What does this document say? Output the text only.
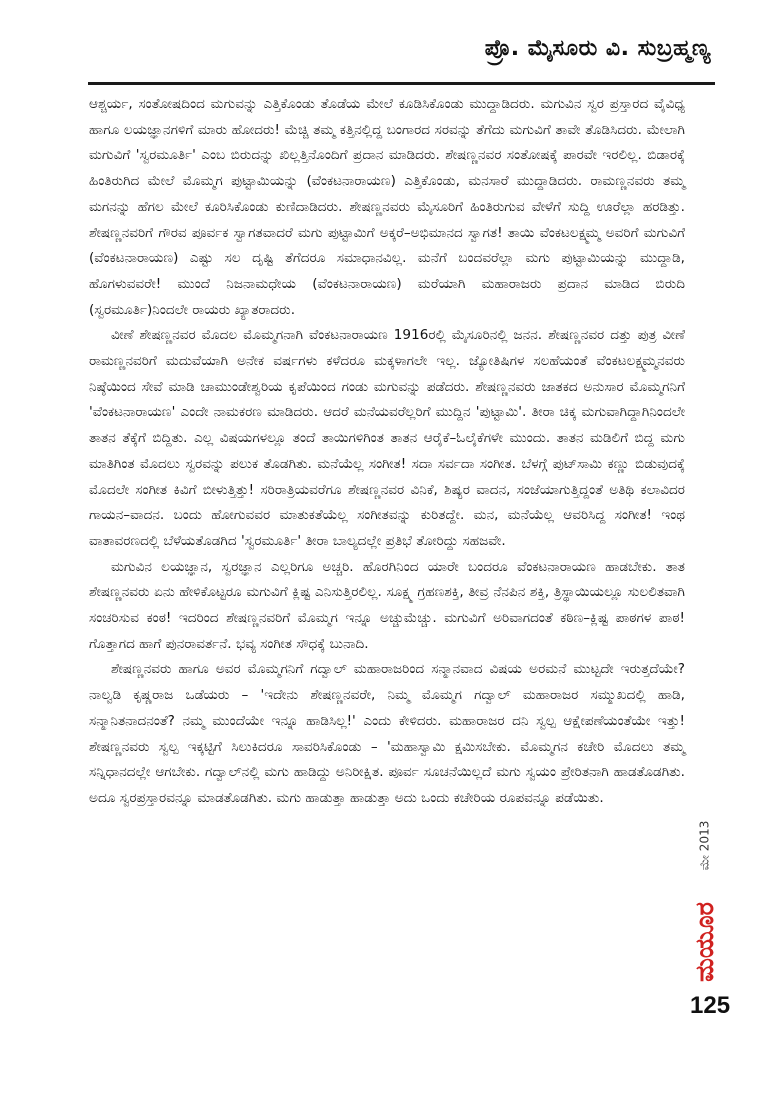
ಪ್ರೊ. ಮೈಸೂರು ವಿ. ಸುಬ್ರಹ್ಮಣ್ಯ

ಆಶ್ಚರ್ಯ, ಸಂತೋಷದಿಂದ ಮಗುವನ್ನು ಎತ್ತಿಕೊಂಡು ತೊಡೆಯ ಮೇಲೆ ಕೂಡಿಸಿಕೊಂಡು ಮುದ್ದಾಡಿದರು. ಮಗುವಿನ ಸ್ವರ ಪ್ರಸ್ತಾರದ ವೈವಿಧ್ಯ ಹಾಗೂ ಲಯಜ್ಞಾನಗಳಿಗೆ ಮಾರು ಹೋದರು! ಮೆಚ್ಚಿ ತಮ್ಮ ಕತ್ತಿನಲ್ಲಿದ್ದ ಬಂಗಾರದ ಸರವನ್ನು ತೆಗೆದು ಮಗುವಿಗೆ ತಾವೇ ತೊಡಿಸಿದರು. ಮೇಲಾಗಿ ಮಗುವಿಗೆ 'ಸ್ವರಮೂರ್ತಿ' ಎಂಬ ಬಿರುದನ್ನು ಖಿಲ್ಲತ್ತಿನೊಂದಿಗೆ ಪ್ರದಾನ ಮಾಡಿದರು. ಶೇಷಣ್ಣನವರ ಸಂತೋಷಕ್ಕೆ ಪಾರವೇ ಇರಲಿಲ್ಲ. ಬಿಡಾರಕ್ಕೆ ಹಿಂತಿರುಗಿದ ಮೇಲೆ ಮೊಮ್ಮಗ ಪುಟ್ಟಾಮಿಯನ್ನು (ವೆಂಕಟನಾರಾಯಣ) ಎತ್ತಿಕೊಂಡು, ಮನಸಾರೆ ಮುದ್ದಾಡಿದರು. ರಾಮಣ್ಣನವರು ತಮ್ಮ ಮಗನನ್ನು ಹೆಗಲ ಮೇಲೆ ಕೂರಿಸಿಕೊಂಡು ಕುಣಿದಾಡಿದರು. ಶೇಷಣ್ಣನವರು ಮೈಸೂರಿಗೆ ಹಿಂತಿರುಗುವ ವೇಳೆಗೆ ಸುದ್ದಿ ಊರೆಲ್ಲಾ ಹರಡಿತ್ತು. ಶೇಷಣ್ಣನವರಿಗೆ ಗೌರವ ಪೂರ್ವಕ ಸ್ವಾಗತವಾದರೆ ಮಗು ಪುಟ್ಟಾಮಿಗೆ ಅಕ್ಕರೆ–ಅಭಿಮಾನದ ಸ್ವಾಗತ! ತಾಯಿ ವೆಂಕಟಲಕ್ಷ್ಮಮ್ಮ ಅವರಿಗೆ ಮಗುವಿಗೆ (ವೆಂಕಟನಾರಾಯಣ) ಎಷ್ಟು ಸಲ ದೃಷ್ಟಿ ತೆಗೆದರೂ ಸಮಾಧಾನವಿಲ್ಲ. ಮನೆಗೆ ಬಂದವರೆಲ್ಲಾ ಮಗು ಪುಟ್ಟಾಮಿಯನ್ನು ಮುದ್ದಾಡಿ, ಹೊಗಳುವವರೇ! ಮುಂದೆ ನಿಜನಾಮಧೇಯ (ವೆಂಕಟನಾರಾಯಣ) ಮರೆಯಾಗಿ ಮಹಾರಾಜರು ಪ್ರದಾನ ಮಾಡಿದ ಬಿರುದಿ (ಸ್ವರಮೂರ್ತಿ)ನಿಂದಲೇ ರಾಯರು ಖ್ಯಾತರಾದರು.

ವೀಣೆ ಶೇಷಣ್ಣನವರ ಮೊದಲ ಮೊಮ್ಮಗನಾಗಿ ವೆಂಕಟನಾರಾಯಣ 1916ರಲ್ಲಿ ಮೈಸೂರಿನಲ್ಲಿ ಜನನ. ಶೇಷಣ್ಣನವರ ದತ್ತು ಪುತ್ರ ವೀಣೆ ರಾಮಣ್ಣನವರಿಗೆ ಮದುವೆಯಾಗಿ ಅನೇಕ ವರ್ಷಗಳು ಕಳೆದರೂ ಮಕ್ಕಳಾಗಲೇ ಇಲ್ಲ. ಜ್ಯೋತಿಷಿಗಳ ಸಲಹೆಯಂತೆ ವೆಂಕಟಲಕ್ಷ್ಮಮ್ಮನವರು ನಿಷ್ಠೆಯಿಂದ ಸೇವೆ ಮಾಡಿ ಚಾಮುಂಡೇಶ್ವರಿಯ ಕೃಪೆಯಿಂದ ಗಂಡು ಮಗುವನ್ನು ಪಡೆದರು. ಶೇಷಣ್ಣನವರು ಜಾತಕದ ಅನುಸಾರ ಮೊಮ್ಮಗನಿಗೆ 'ವೆಂಕಟನಾರಾಯಣ' ಎಂದೇ ನಾಮಕರಣ ಮಾಡಿದರು. ಆದರೆ ಮನೆಯವರೆಲ್ಲರಿಗೆ ಮುದ್ದಿನ 'ಪುಟ್ಟಾಮಿ'. ತೀರಾ ಚಿಕ್ಕ ಮಗುವಾಗಿದ್ದಾಗಿನಿಂದಲೇ ತಾತನ ತೆಕ್ಕೆಗೆ ಬಿದ್ದಿತು. ಎಲ್ಲ ವಿಷಯಗಳಲ್ಲೂ ತಂದೆ ತಾಯಿಗಳಿಗಿಂತ ತಾತನ ಆರೈಕೆ–ಓಲೈಕೆಗಳೇ ಮುಂದು. ತಾತನ ಮಡಿಲಿಗೆ ಬಿದ್ದ ಮಗು ಮಾತಿಗಿಂತ ಮೊದಲು ಸ್ವರವನ್ನು ಪಲುಕ ತೊಡಗಿತು. ಮನೆಯೆಲ್ಲ ಸಂಗೀತ! ಸದಾ ಸರ್ವದಾ ಸಂಗೀತ. ಬೆಳಗ್ಗೆ ಪುಟ್‌ಸಾಮಿ ಕಣ್ಣು ಬಿಡುವುದಕ್ಕೆ ಮೊದಲೇ ಸಂಗೀತ ಕಿವಿಗೆ ಬೀಳುತ್ತಿತ್ತು! ಸರಿರಾತ್ರಿಯವರೆಗೂ ಶೇಷಣ್ಣನವರ ವಿನಿಕೆ, ಶಿಷ್ಯರ ವಾದನ, ಸಂಜೆಯಾಗುತ್ತಿದ್ದಂತೆ ಅತಿಥಿ ಕಲಾವಿದರ ಗಾಯನ–ವಾದನ. ಬಂದು ಹೋಗುವವರ ಮಾತುಕತೆಯೆಲ್ಲ ಸಂಗೀತವನ್ನು ಕುರಿತದ್ದೇ. ಮನ, ಮನೆಯೆಲ್ಲ ಆವರಿಸಿದ್ದ ಸಂಗೀತ! ಇಂಥ ವಾತಾವರಣದಲ್ಲಿ ಬೆಳೆಯತೊಡಗಿದ 'ಸ್ವರಮೂರ್ತಿ' ತೀರಾ ಬಾಲ್ಯದಲ್ಲೇ ಪ್ರತಿಭೆ ತೋರಿದ್ದು ಸಹಜವೇ.

ಮಗುವಿನ ಲಯಜ್ಞಾನ, ಸ್ವರಜ್ಞಾನ ಎಲ್ಲರಿಗೂ ಅಚ್ಚರಿ. ಹೊರಗಿನಿಂದ ಯಾರೇ ಬಂದರೂ ವೆಂಕಟನಾರಾಯಣ ಹಾಡಬೇಕು. ತಾತ ಶೇಷಣ್ಣನವರು ಏನು ಹೇಳಿಕೊಟ್ಟರೂ ಮಗುವಿಗೆ ಕ್ಲಿಷ್ಟ ಎನಿಸುತ್ತಿರಲಿಲ್ಲ. ಸೂಕ್ಷ್ಮ ಗ್ರಹಣಶಕ್ತಿ, ತೀವ್ರ ನೆನಪಿನ ಶಕ್ತಿ, ತ್ರಿಸ್ಥಾಯಿಯಲ್ಲೂ ಸುಲಲಿತವಾಗಿ ಸಂಚರಿಸುವ ಕಂಠ! ಇದರಿಂದ ಶೇಷಣ್ಣನವರಿಗೆ ಮೊಮ್ಮಗ ಇನ್ನೂ ಅಚ್ಚುಮೆಚ್ಚು. ಮಗುವಿಗೆ ಅರಿವಾಗದಂತೆ ಕಠಿಣ–ಕ್ಲಿಷ್ಟ ಪಾಠಗಳ ಪಾಠ! ಗೊತ್ತಾಗದ ಹಾಗೆ ಪುನರಾವರ್ತನೆ. ಭವ್ಯ ಸಂಗೀತ ಸೌಧಕ್ಕೆ ಬುನಾದಿ.

ಶೇಷಣ್ಣನವರು ಹಾಗೂ ಅವರ ಮೊಮ್ಮಗನಿಗೆ ಗದ್ವಾಲ್ ಮಹಾರಾಜರಿಂದ ಸನ್ಮಾನವಾದ ವಿಷಯ ಅರಮನೆ ಮುಟ್ಟದೇ ಇರುತ್ತದೆಯೇ? ನಾಲ್ವಡಿ ಕೃಷ್ಣರಾಜ ಒಡೆಯರು – 'ಇದೇನು ಶೇಷಣ್ಣನವರೇ, ನಿಮ್ಮ ಮೊಮ್ಮಗ ಗದ್ವಾಲ್ ಮಹಾರಾಜರ ಸಮ್ಮುಖದಲ್ಲಿ ಹಾಡಿ, ಸನ್ಮಾನಿತನಾದನಂತೆ? ನಮ್ಮ ಮುಂದೆಯೇ ಇನ್ನೂ ಹಾಡಿಸಿಲ್ಲ!' ಎಂದು ಕೇಳಿದರು. ಮಹಾರಾಜರ ದನಿ ಸ್ವಲ್ಪ ಆಕ್ಷೇಪಣೆಯಂತೆಯೇ ಇತ್ತು! ಶೇಷಣ್ಣನವರು ಸ್ವಲ್ಪ ಇಕ್ಕಟ್ಟಿಗೆ ಸಿಲುಕಿದರೂ ಸಾವರಿಸಿಕೊಂಡು – 'ಮಹಾಸ್ವಾಮಿ ಕ್ಷಮಿಸಬೇಕು. ಮೊಮ್ಮಗನ ಕಚೇರಿ ಮೊದಲು ತಮ್ಮ ಸನ್ನಿಧಾನದಲ್ಲೇ ಆಗಬೇಕು. ಗದ್ವಾಲ್‌ನಲ್ಲಿ ಮಗು ಹಾಡಿದ್ದು ಅನಿರೀಕ್ಷಿತ. ಪೂರ್ವ ಸೂಚನೆಯಿಲ್ಲದೆ ಮಗು ಸ್ವಯಂ ಪ್ರೇರಿತನಾಗಿ ಹಾಡತೊಡಗಿತು. ಅದೂ ಸ್ವರಪ್ರಸ್ತಾರವನ್ನೂ ಮಾಡತೊಡಗಿತು. ಮಗು ಹಾಡುತ್ತಾ ಹಾಡುತ್ತಾ ಅದು ಒಂದು ಕಚೇರಿಯ ರೂಪವನ್ನೂ ಪಡೆಯಿತು.

ಮೇ 2013
ಮಯೂರ
125
